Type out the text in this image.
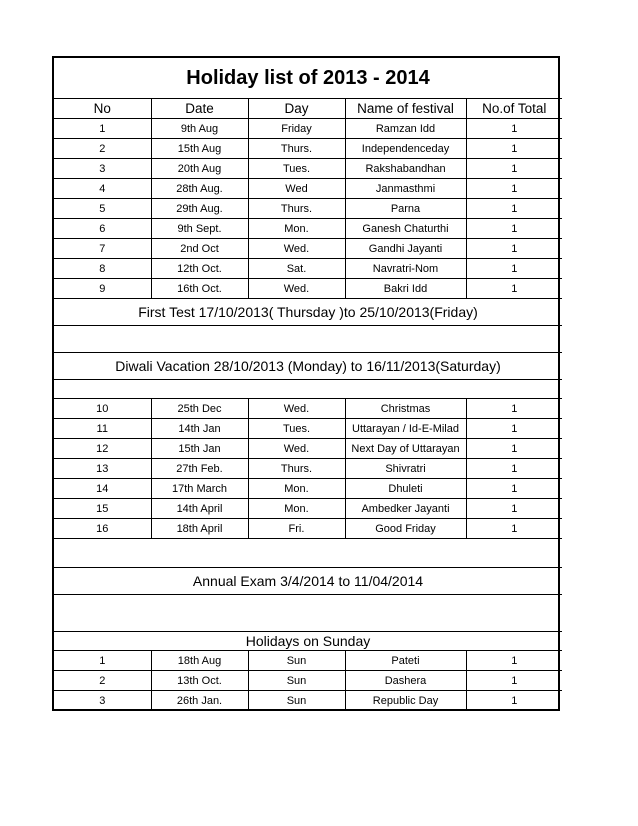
Holiday list of 2013 - 2014				
No	Date	Day	Name of festival	No.of Total
1	9th Aug	Friday	Ramzan Idd	1
2	15th Aug	Thurs.	Independenceday	1
3	20th Aug	Tues.	Rakshabandhan	1
4	28th Aug.	Wed	Janmasthmi	1
5	29th Aug.	Thurs.	Parna	1
6	9th Sept.	Mon.	Ganesh Chaturthi	1
7	2nd Oct	Wed.	Gandhi Jayanti	1
8	12th Oct.	Sat.	Navratri-Nom	1
9	16th Oct.	Wed.	Bakri Idd	1
First Test 17/10/2013( Thursday )to 25/10/2013(Friday)				

Diwali Vacation 28/10/2013 (Monday) to 16/11/2013(Saturday)				

10	25th Dec	Wed.	Christmas	1
11	14th Jan	Tues.	Uttarayan / Id-E-Milad	1
12	15th Jan	Wed.	Next Day of Uttarayan	1
13	27th Feb.	Thurs.	Shivratri	1
14	17th March	Mon.	Dhuleti	1
15	14th April	Mon.	Ambedker Jayanti	1
16	18th April	Fri.	Good Friday	1

Annual Exam 3/4/2014 to 11/04/2014				

Holidays on Sunday				
1	18th Aug	Sun	Pateti	1
2	13th Oct.	Sun	Dashera	1
3	26th Jan.	Sun	Republic Day	1
